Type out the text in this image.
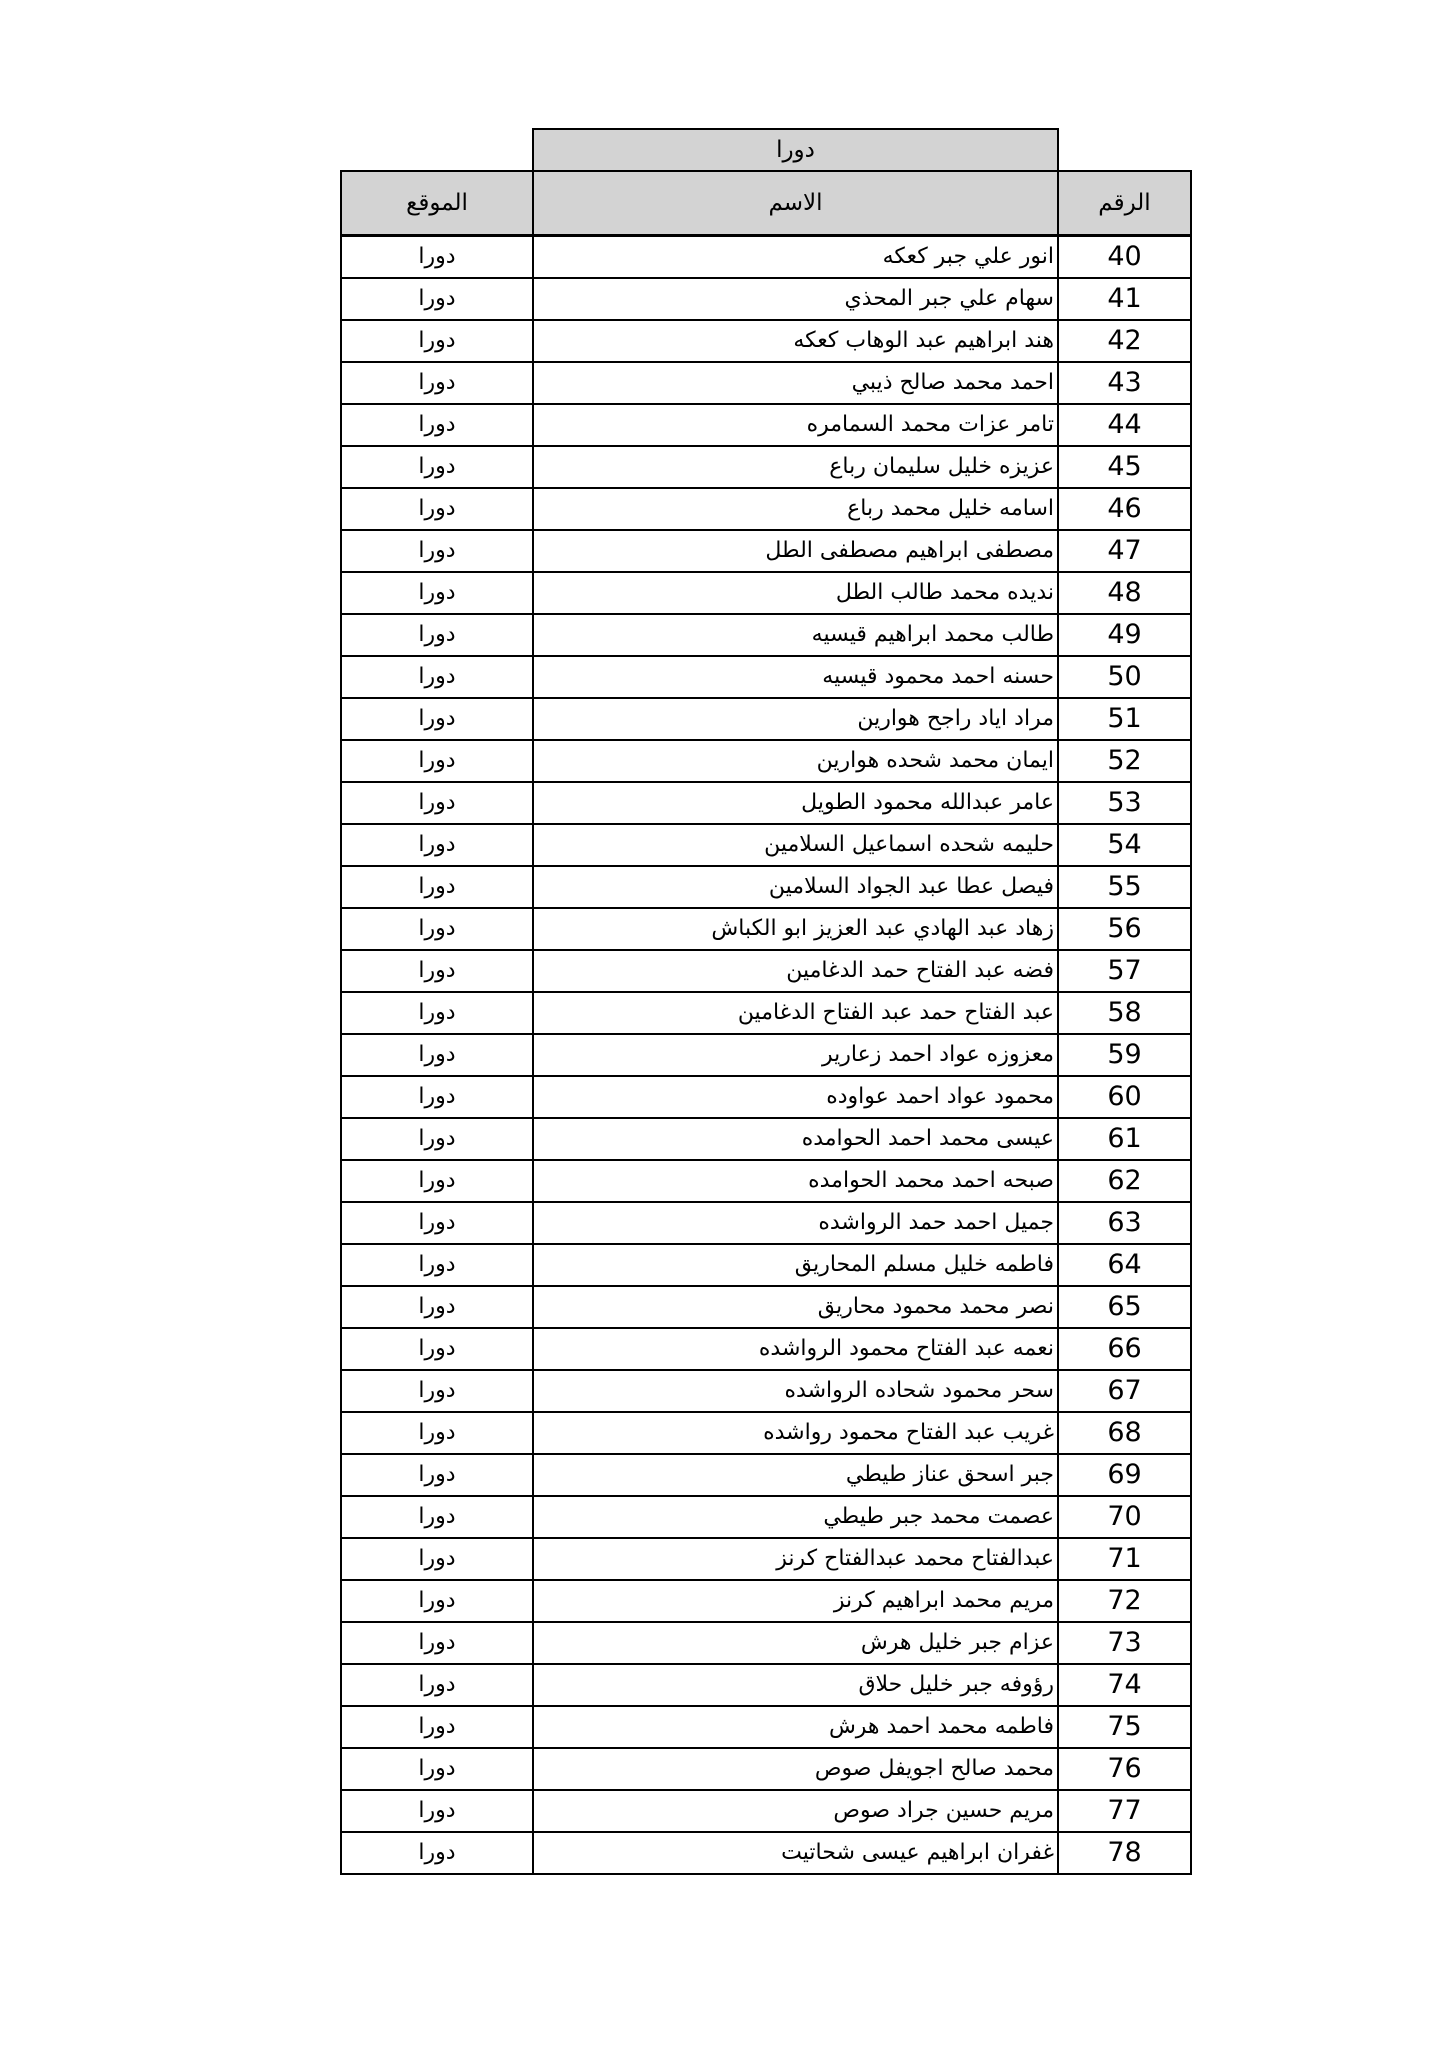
	دورا	
الرقم	الاسم	الموقع
40	انور علي جبر كعكه	دورا
41	سهام علي جبر المحذي	دورا
42	هند ابراهيم عبد الوهاب كعكه	دورا
43	احمد محمد صالح ذيبي	دورا
44	تامر عزات محمد السمامره	دورا
45	عزيزه خليل سليمان رباع	دورا
46	اسامه خليل محمد رباع	دورا
47	مصطفى ابراهيم مصطفى الطل	دورا
48	نديده محمد طالب الطل	دورا
49	طالب محمد ابراهيم قيسيه	دورا
50	حسنه احمد محمود قيسيه	دورا
51	مراد اياد راجح هوارين	دورا
52	ايمان محمد شحده هوارين	دورا
53	عامر عبدالله محمود الطويل	دورا
54	حليمه شحده اسماعيل السلامين	دورا
55	فيصل عطا عبد الجواد السلامين	دورا
56	زهاد عبد الهادي عبد العزيز ابو الكباش	دورا
57	فضه عبد الفتاح حمد الدغامين	دورا
58	عبد الفتاح حمد عبد الفتاح الدغامين	دورا
59	معزوزه عواد احمد زعارير	دورا
60	محمود عواد احمد عواوده	دورا
61	عيسى محمد احمد الحوامده	دورا
62	صبحه احمد محمد الحوامده	دورا
63	جميل احمد حمد الرواشده	دورا
64	فاطمه خليل مسلم المحاريق	دورا
65	نصر محمد محمود محاريق	دورا
66	نعمه عبد الفتاح محمود الرواشده	دورا
67	سحر محمود شحاده الرواشده	دورا
68	غريب عبد الفتاح محمود رواشده	دورا
69	جبر اسحق عناز طيطي	دورا
70	عصمت محمد جبر طيطي	دورا
71	عبدالفتاح محمد عبدالفتاح كرنز	دورا
72	مريم محمد ابراهيم كرنز	دورا
73	عزام جبر خليل هرش	دورا
74	رؤوفه جبر خليل حلاق	دورا
75	فاطمه محمد احمد هرش	دورا
76	محمد صالح اجويفل صوص	دورا
77	مريم حسين جراد صوص	دورا
78	غفران ابراهيم عيسى شحاتيت	دورا
